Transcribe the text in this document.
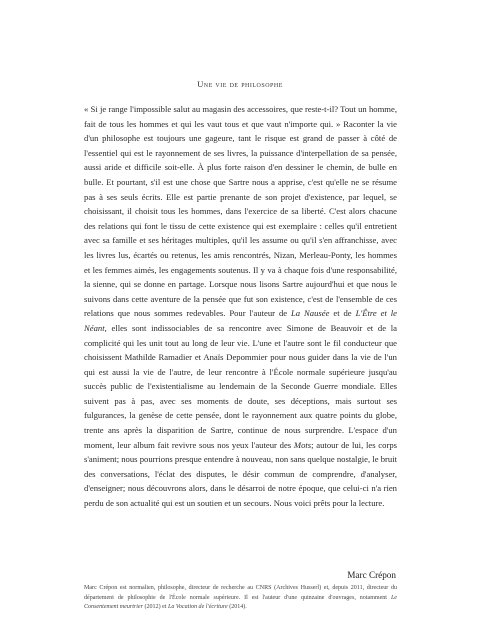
Une vie de philosophe

« Si je range l'impossible salut au magasin des accessoires, que reste-t-il? Tout un homme, fait de tous les hommes et qui les vaut tous et que vaut n'importe qui. » Raconter la vie d'un philosophe est toujours une gageure, tant le risque est grand de passer à côté de l'essentiel qui est le rayonnement de ses livres, la puissance d'interpellation de sa pensée, aussi aride et difficile soit-elle. À plus forte raison d'en dessiner le chemin, de bulle en bulle. Et pourtant, s'il est une chose que Sartre nous a apprise, c'est qu'elle ne se résume pas à ses seuls écrits. Elle est partie prenante de son projet d'existence, par lequel, se choisissant, il choisit tous les hommes, dans l'exercice de sa liberté. C'est alors chacune des relations qui font le tissu de cette existence qui est exemplaire : celles qu'il entretient avec sa famille et ses héritages multiples, qu'il les assume ou qu'il s'en affranchisse, avec les livres lus, écartés ou retenus, les amis rencontrés, Nizan, Merleau-Ponty, les hommes et les femmes aimés, les engagements soutenus. Il y va à chaque fois d'une responsabilité, la sienne, qui se donne en partage. Lorsque nous lisons Sartre aujourd'hui et que nous le suivons dans cette aventure de la pensée que fut son existence, c'est de l'ensemble de ces relations que nous sommes redevables. Pour l'auteur de La Nausée et de L'Être et le Néant, elles sont indissociables de sa rencontre avec Simone de Beauvoir et de la complicité qui les unit tout au long de leur vie. L'une et l'autre sont le fil conducteur que choisissent Mathilde Ramadier et Anaïs Depommier pour nous guider dans la vie de l'un qui est aussi la vie de l'autre, de leur rencontre à l'École normale supérieure jusqu'au succès public de l'existentialisme au lendemain de la Seconde Guerre mondiale. Elles suivent pas à pas, avec ses moments de doute, ses déceptions, mais surtout ses fulgurances, la genèse de cette pensée, dont le rayonnement aux quatre points du globe, trente ans après la disparition de Sartre, continue de nous surprendre. L'espace d'un moment, leur album fait revivre sous nos yeux l'auteur des Mots; autour de lui, les corps s'animent; nous pourrions presque entendre à nouveau, non sans quelque nostalgie, le bruit des conversations, l'éclat des disputes, le désir commun de comprendre, d'analyser, d'enseigner; nous découvrons alors, dans le désarroi de notre époque, que celui-ci n'a rien perdu de son actualité qui est un soutien et un secours. Nous voici prêts pour la lecture.

Marc Crépon
Marc Crépon est normalien, philosophe, directeur de recherche au CNRS (Archives Husserl) et, depuis 2011, directeur du département de philosophie de l'École normale supérieure. Il est l'auteur d'une quinzaine d'ouvrages, notamment Le Consentement meurtrier (2012) et La Vocation de l'écriture (2014).
